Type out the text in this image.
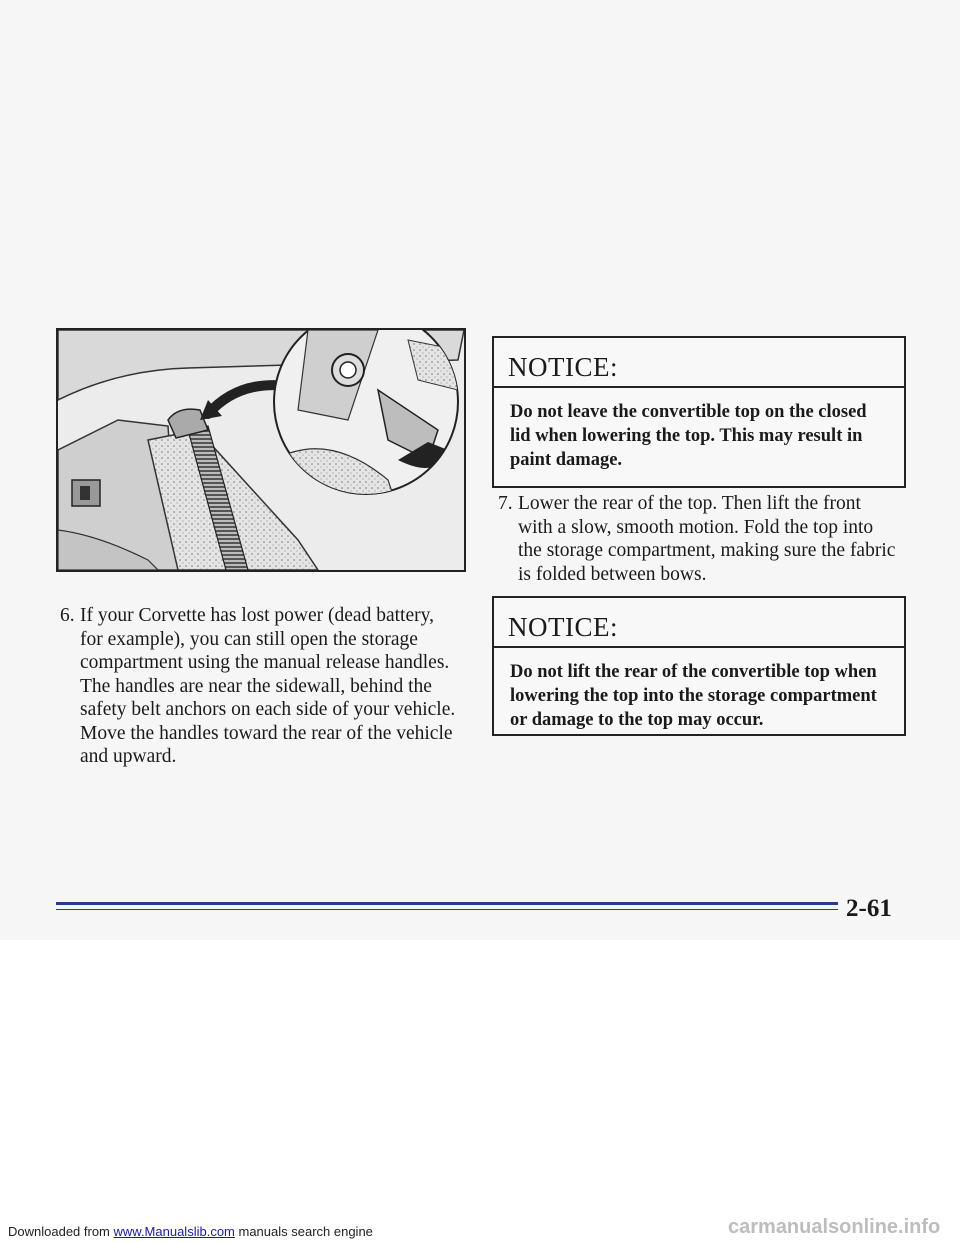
6. If your Corvette has lost power (dead battery, for example), you can still open the storage compartment using the manual release handles. The handles are near the sidewall, behind the safety belt anchors on each side of your vehicle. Move the handles toward the rear of the vehicle and upward.
NOTICE:
Do not leave the convertible top on the closed lid when lowering the top. This may result in paint damage.
7. Lower the rear of the top. Then lift the front with a slow, smooth motion. Fold the top into the storage compartment, making sure the fabric is folded between bows.
NOTICE:
Do not lift the rear of the convertible top when lowering the top into the storage compartment or damage to the top may occur.
2-61
Downloaded from www.Manualslib.com manuals search engine	carmanualsonline.info
